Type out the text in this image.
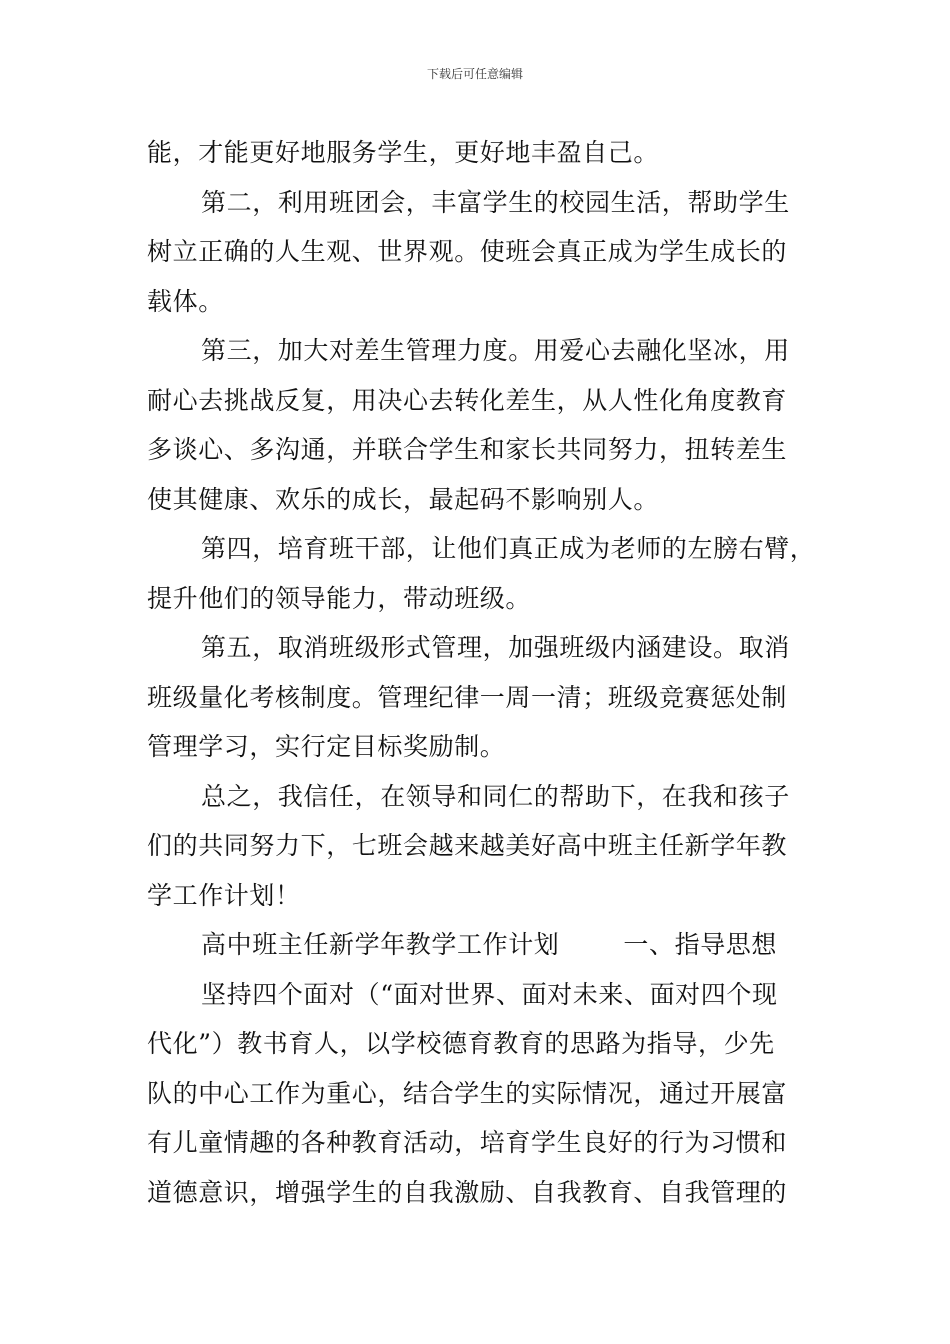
下载后可任意编辑
能，才能更好地服务学生，更好地丰盈自己。
第二，利用班团会，丰富学生的校园生活，帮助学生
树立正确的人生观、世界观。使班会真正成为学生成长的
载体。
第三，加大对差生管理力度。用爱心去融化坚冰，用
耐心去挑战反复，用决心去转化差生，从人性化角度教育
多谈心、多沟通，并联合学生和家长共同努力，扭转差生
使其健康、欢乐的成长，最起码不影响别人。
第四，培育班干部，让他们真正成为老师的左膀右臂，
提升他们的领导能力，带动班级。
第五，取消班级形式管理，加强班级内涵建设。取消
班级量化考核制度。管理纪律一周一清；班级竞赛惩处制
管理学习，实行定目标奖励制。
总之，我信任，在领导和同仁的帮助下，在我和孩子
们的共同努力下，七班会越来越美好高中班主任新学年教
学工作计划！
高中班主任新学年教学工作计划	一、指导思想
坚持四个面对（“面对世界、面对未来、面对四个现
代化”）教书育人，以学校德育教育的思路为指导，少先
队的中心工作为重心，结合学生的实际情况，通过开展富
有儿童情趣的各种教育活动，培育学生良好的行为习惯和
道德意识，增强学生的自我激励、自我教育、自我管理的
